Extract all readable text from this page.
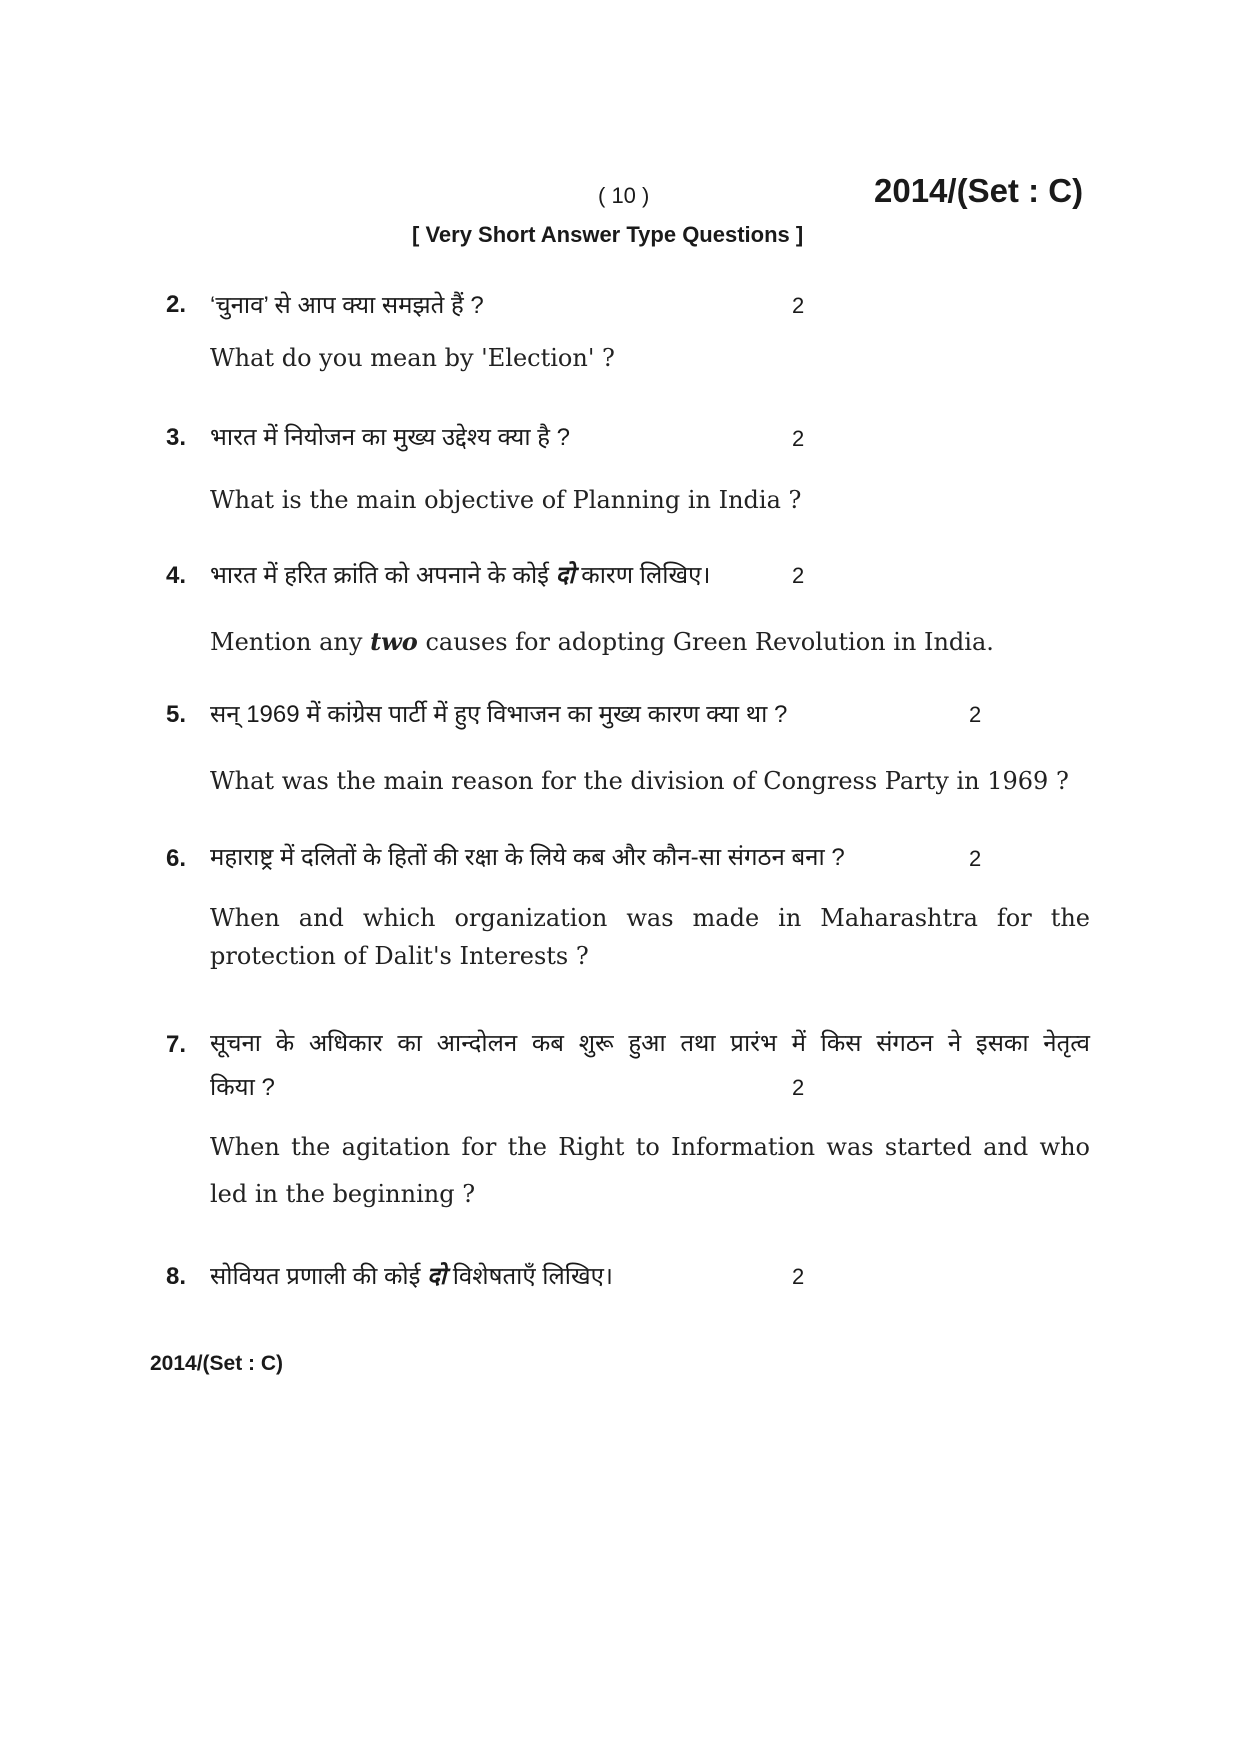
( 10 )	2014/(Set : C)
[ Very Short Answer Type Questions ]
2. ‘चुनाव’ से आप क्या समझते हैं ?	2
What do you mean by 'Election' ?
3. भारत में नियोजन का मुख्य उद्देश्य क्या है ?	2
What is the main objective of Planning in India ?
4. भारत में हरित क्रांति को अपनाने के कोई दो कारण लिखिए।	2
Mention any two causes for adopting Green Revolution in India.
5. सन् 1969 में कांग्रेस पार्टी में हुए विभाजन का मुख्य कारण क्या था ?	2
What was the main reason for the division of Congress Party in 1969 ?
6. महाराष्ट्र में दलितों के हितों की रक्षा के लिये कब और कौन-सा संगठन बना ?	2
When and which organization was made in Maharashtra for the
protection of Dalit's Interests ?
7. सूचना के अधिकार का आन्दोलन कब शुरू हुआ तथा प्रारंभ में किस संगठन ने इसका नेतृत्व
किया ?	2
When the agitation for the Right to Information was started and who
led in the beginning ?
8. सोवियत प्रणाली की कोई दो विशेषताएँ लिखिए।	2
2014/(Set : C)
